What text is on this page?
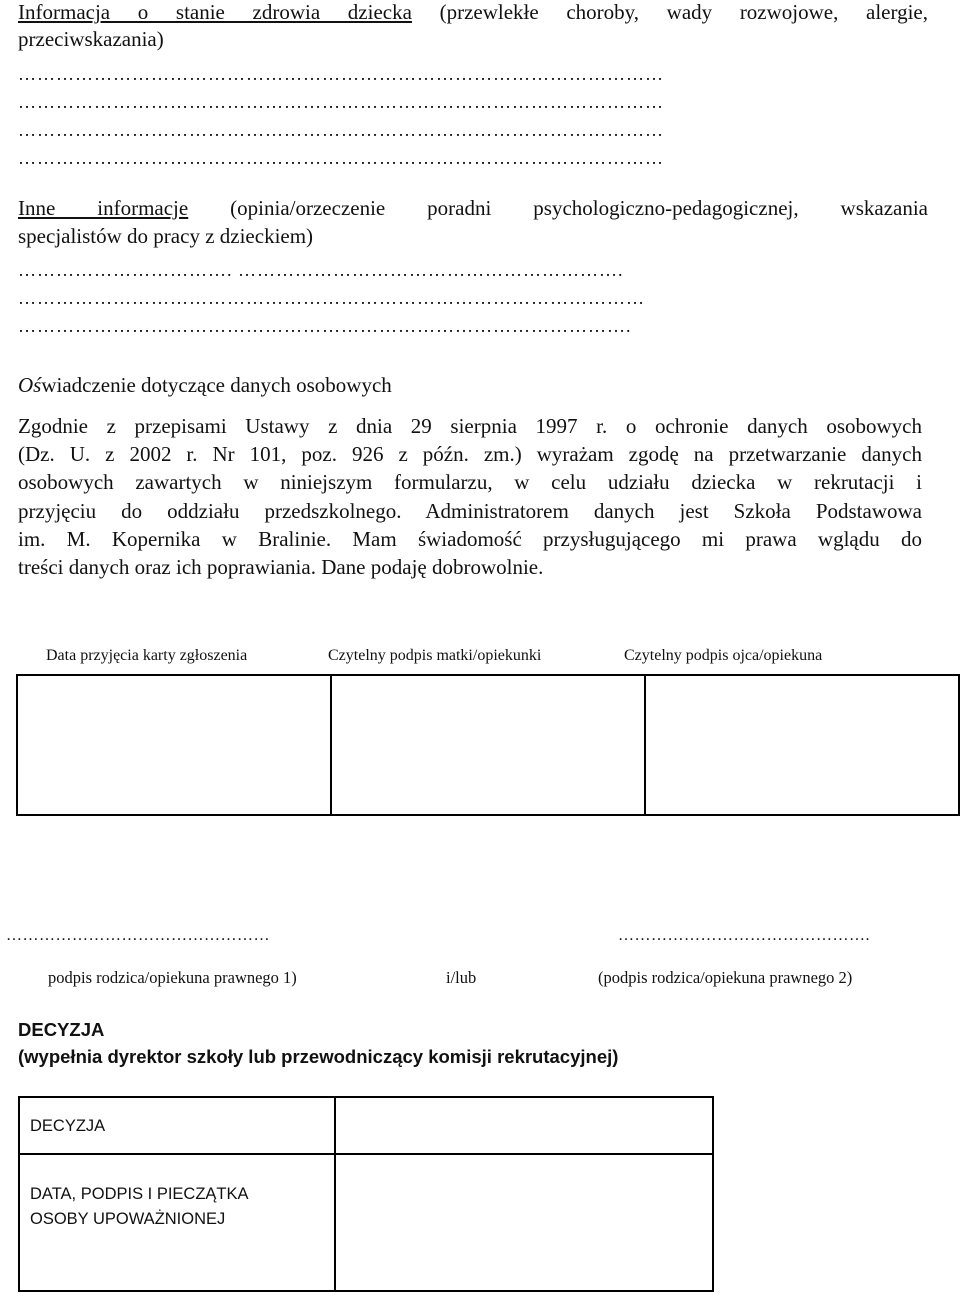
Informacja o stanie zdrowia dziecka (przewlekłe choroby, wady rozwojowe, alergie,
przeciwskazania)
…………………………………………………………………………………………
…………………………………………………………………………………………
…………………………………………………………………………………………
…………………………………………………………………………………………
Inne informacje (opinia/orzeczenie poradni psychologiczno-pedagogicznej, wskazania
specjalistów do pracy z dzieckiem)
……………………………. …………………………………………………….
………………………………………………………………………………………
…………………………………………………………………………………….
Oświadczenie dotyczące danych osobowych
Zgodnie z przepisami Ustawy z dnia 29 sierpnia 1997 r. o ochronie danych osobowych
(Dz. U. z 2002 r. Nr 101, poz. 926 z późn. zm.) wyrażam zgodę na przetwarzanie danych
osobowych zawartych w niniejszym formularzu, w celu udziału dziecka w rekrutacji i
przyjęciu do oddziału przedszkolnego. Administratorem danych jest Szkoła Podstawowa
im. M. Kopernika w Bralinie. Mam świadomość przysługującego mi prawa wglądu do
treści danych oraz ich poprawiania. Dane podaję dobrowolnie.
Data przyjęcia karty zgłoszenia	Czytelny podpis matki/opiekunki	Czytelny podpis ojca/opiekuna
…………………………………………	……………………………………….
podpis rodzica/opiekuna prawnego 1)	i/lub	(podpis rodzica/opiekuna prawnego 2)
DECYZJA
(wypełnia dyrektor szkoły lub przewodniczący komisji rekrutacyjnej)
DECYZJA
DATA, PODPIS I PIECZĄTKA
OSOBY UPOWAŻNIONEJ
